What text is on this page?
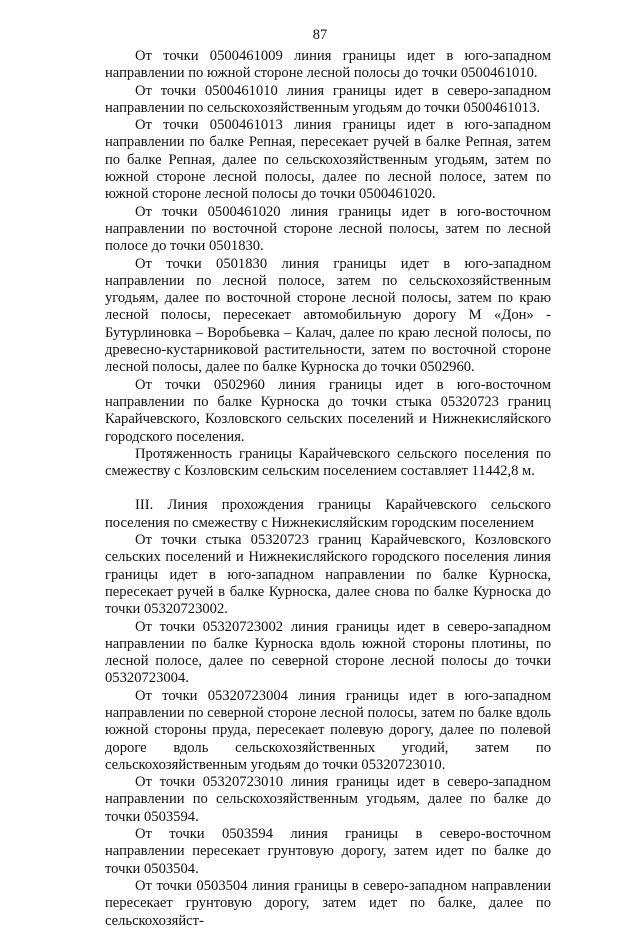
87

От точки 0500461009 линия границы идет в юго-западном направлении по южной стороне лесной полосы до точки 0500461010.

От точки 0500461010 линия границы идет в северо-западном направлении по сельскохозяйственным угодьям до точки 0500461013.

От точки 0500461013 линия границы идет в юго-западном направлении по балке Репная, пересекает ручей в балке Репная, затем по балке Репная, далее по сельскохозяйственным угодьям, затем по южной стороне лесной полосы, далее по лесной полосе, затем по южной стороне лесной полосы до точки 0500461020.

От точки 0500461020 линия границы идет в юго-восточном направлении по восточной стороне лесной полосы, затем по лесной полосе до точки 0501830.

От точки 0501830 линия границы идет в юго-западном направлении по лесной полосе, затем по сельскохозяйственным угодьям, далее по восточной стороне лесной полосы, затем по краю лесной полосы, пересекает автомобильную дорогу М «Дон» - Бутурлиновка – Воробьевка – Калач, далее по краю лесной полосы, по древесно-кустарниковой растительности, затем по восточной стороне лесной полосы, далее по балке Курноска до точки 0502960.

От точки 0502960 линия границы идет в юго-восточном направлении по балке Курноска до точки стыка 05320723 границ Карайчевского, Козловского сельских поселений и Нижнекисляйского городского поселения.

Протяженность границы Карайчевского сельского поселения по смежеству с Козловским сельским поселением составляет 11442,8 м.

III. Линия прохождения границы Карайчевского сельского поселения по смежеству с Нижнекисляйским городским поселением

От точки стыка 05320723 границ Карайчевского, Козловского сельских поселений и Нижнекисляйского городского поселения линия границы идет в юго-западном направлении по балке Курноска, пересекает ручей в балке Курноска, далее снова по балке Курноска до точки 05320723002.

От точки 05320723002 линия границы идет в северо-западном направлении по балке Курноска вдоль южной стороны плотины, по лесной полосе, далее по северной стороне лесной полосы до точки 05320723004.

От точки 05320723004 линия границы идет в юго-западном направлении по северной стороне лесной полосы, затем по балке вдоль южной стороны пруда, пересекает полевую дорогу, далее по полевой дороге вдоль сельскохозяйственных угодий, затем по сельскохозяйственным угодьям до точки 05320723010.

От точки 05320723010 линия границы идет в северо-западном направлении по сельскохозяйственным угодьям, далее по балке до точки 0503594.

От точки 0503594 линия границы в северо-восточном направлении пересекает грунтовую дорогу, затем идет по балке до точки 0503504.

От точки 0503504 линия границы в северо-западном направлении пересекает грунтовую дорогу, затем идет по балке, далее по сельскохозяйст-
